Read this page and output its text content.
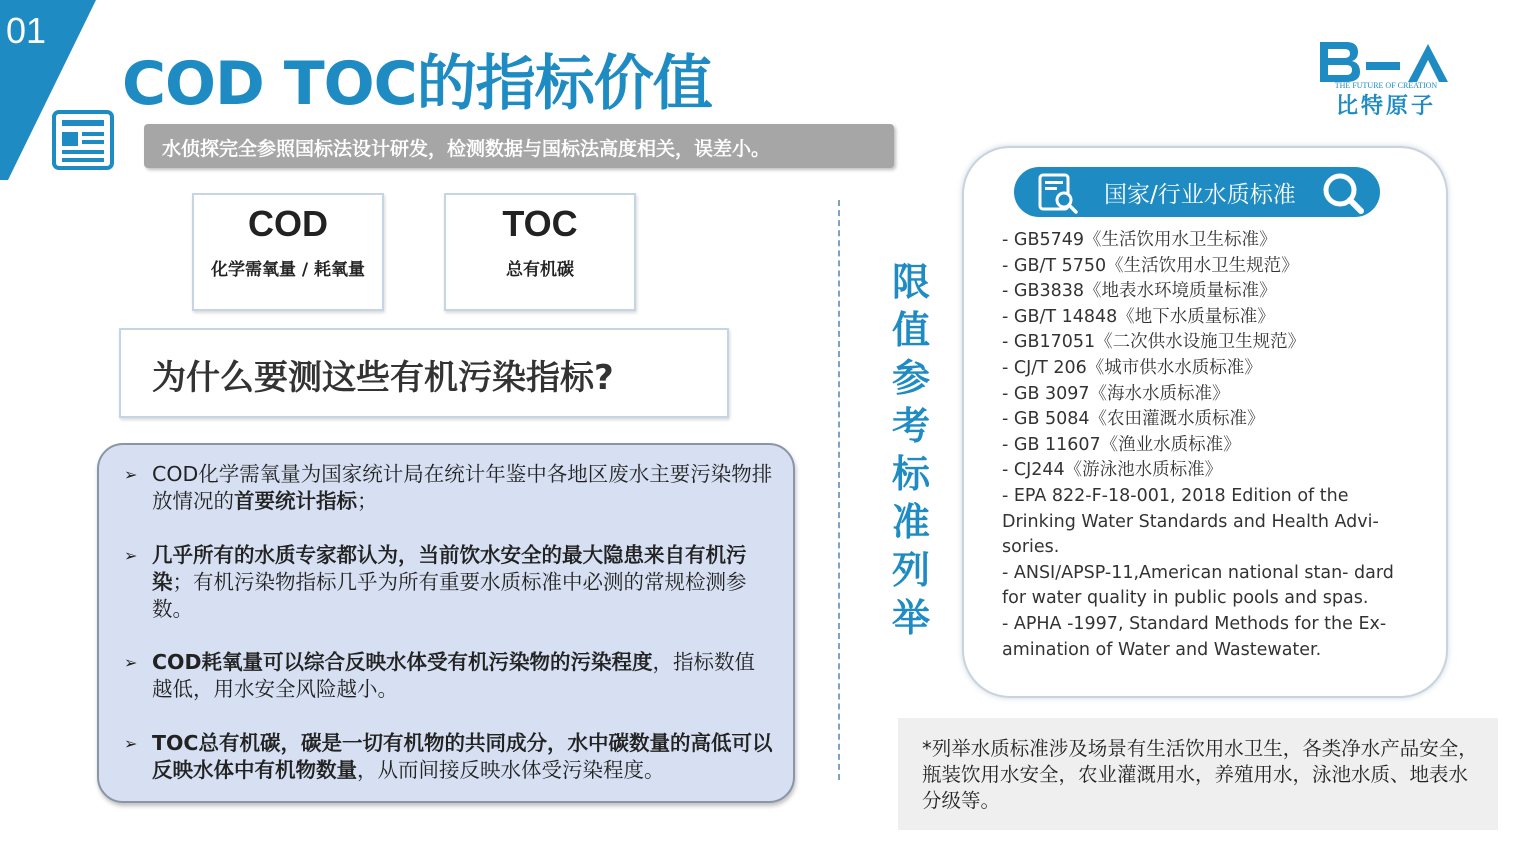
01
COD TOC的指标价值	THE FUTURE OF CREATION
比特原子
水侦探完全参照国标法设计研发，检测数据与国标法高度相关，误差小。
COD
化学需氧量 / 耗氧量
TOC
总有机碳
为什么要测这些有机污染指标?
➢ COD化学需氧量为国家统计局在统计年鉴中各地区废水主要污染物排放情况的首要统计指标；
➢ 几乎所有的水质专家都认为，当前饮水安全的最大隐患来自有机污染；有机污染物指标几乎为所有重要水质标准中必测的常规检测参数。
➢ COD耗氧量可以综合反映水体受有机污染物的污染程度，指标数值越低，用水安全风险越小。
➢ TOC总有机碳，碳是一切有机物的共同成分，水中碳数量的高低可以反映水体中有机物数量，从而间接反映水体受污染程度。
限值参考标准列举
国家/行业水质标准
- GB5749《生活饮用水卫生标准》
- GB/T 5750《生活饮用水卫生规范》
- GB3838《地表水环境质量标准》
- GB/T 14848《地下水质量标准》
- GB17051《二次供水设施卫生规范》
- CJ/T 206《城市供水水质标准》
- GB 3097《海水水质标准》
- GB 5084《农田灌溉水质标准》
- GB 11607《渔业水质标准》
- CJ244《游泳池水质标准》
- EPA 822-F-18-001, 2018 Edition of the Drinking Water Standards and Health Advi- sories.
- ANSI/APSP-11,American national stan- dard for water quality in public pools and spas.
- APHA -1997, Standard Methods for the Ex- amination of Water and Wastewater.
*列举水质标准涉及场景有生活饮用水卫生，各类净水产品安全，瓶装饮用水安全，农业灌溉用水，养殖用水，泳池水质、地表水分级等。
